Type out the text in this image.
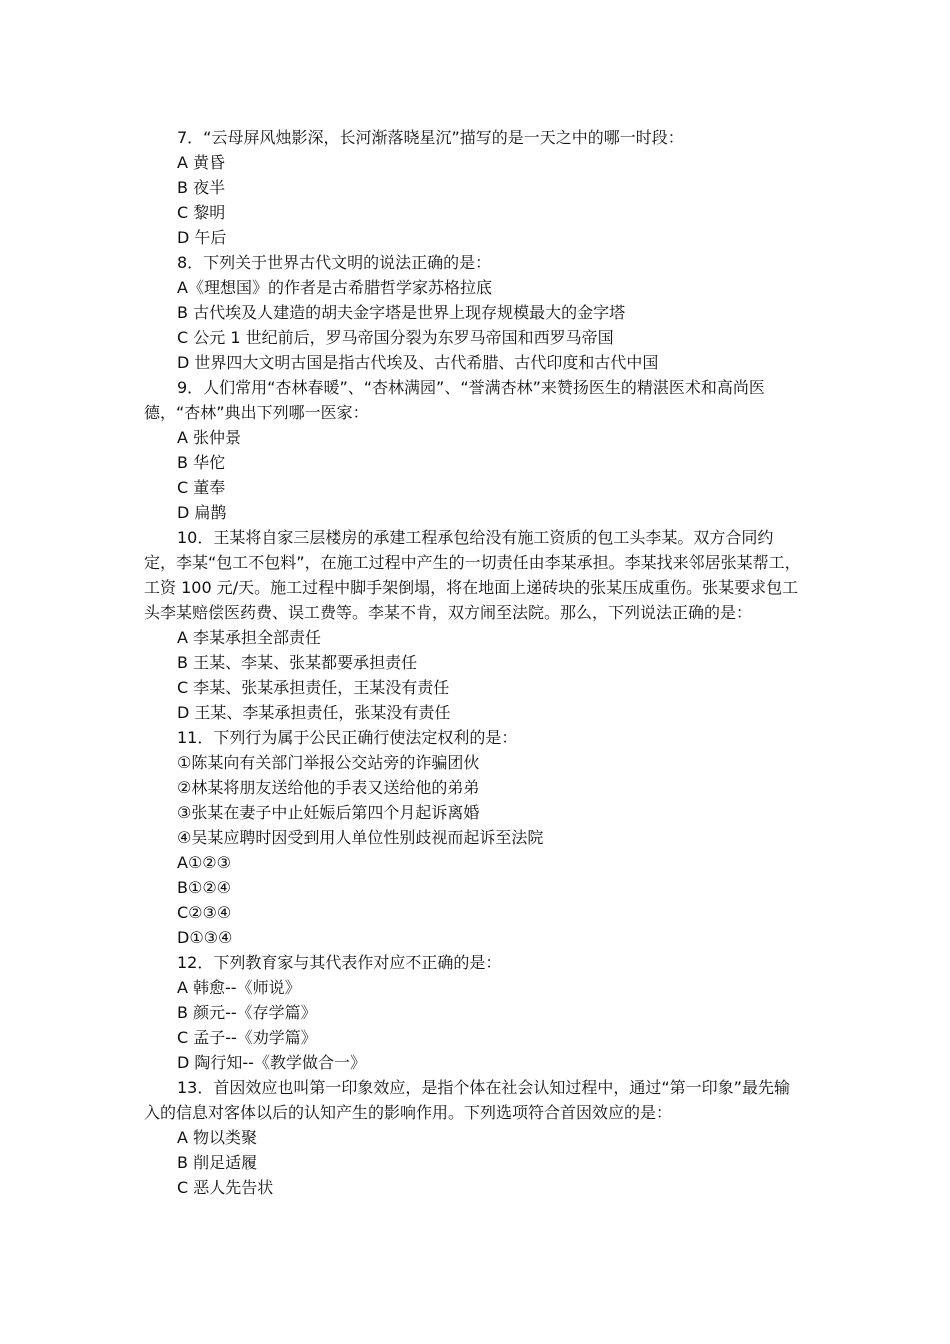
7．“云母屏风烛影深，长河渐落晓星沉”描写的是一天之中的哪一时段：

A 黄昏

B 夜半

C 黎明

D 午后

8．下列关于世界古代文明的说法正确的是：

A《理想国》的作者是古希腊哲学家苏格拉底

B 古代埃及人建造的胡夫金字塔是世界上现存规模最大的金字塔

C 公元 1 世纪前后，罗马帝国分裂为东罗马帝国和西罗马帝国

D 世界四大文明古国是指古代埃及、古代希腊、古代印度和古代中国

9．人们常用“杏林春暖”、“杏林满园”、“誉满杏林”来赞扬医生的精湛医术和高尚医德，“杏林”典出下列哪一医家：

A 张仲景

B 华佗

C 董奉

D 扁鹊

10．王某将自家三层楼房的承建工程承包给没有施工资质的包工头李某。双方合同约定，李某“包工不包料”，在施工过程中产生的一切责任由李某承担。李某找来邻居张某帮工，工资 100 元/天。施工过程中脚手架倒塌，将在地面上递砖块的张某压成重伤。张某要求包工头李某赔偿医药费、误工费等。李某不肯，双方闹至法院。那么，下列说法正确的是：

A 李某承担全部责任

B 王某、李某、张某都要承担责任

C 李某、张某承担责任，王某没有责任

D 王某、李某承担责任，张某没有责任

11．下列行为属于公民正确行使法定权利的是：

①陈某向有关部门举报公交站旁的诈骗团伙

②林某将朋友送给他的手表又送给他的弟弟

③张某在妻子中止妊娠后第四个月起诉离婚

④吴某应聘时因受到用人单位性别歧视而起诉至法院

A①②③

B①②④

C②③④

D①③④

12．下列教育家与其代表作对应不正确的是：

A 韩愈--《师说》

B 颜元--《存学篇》

C 孟子--《劝学篇》

D 陶行知--《教学做合一》

13．首因效应也叫第一印象效应，是指个体在社会认知过程中，通过“第一印象”最先输入的信息对客体以后的认知产生的影响作用。下列选项符合首因效应的是：

A 物以类聚

B 削足适履

C 恶人先告状
